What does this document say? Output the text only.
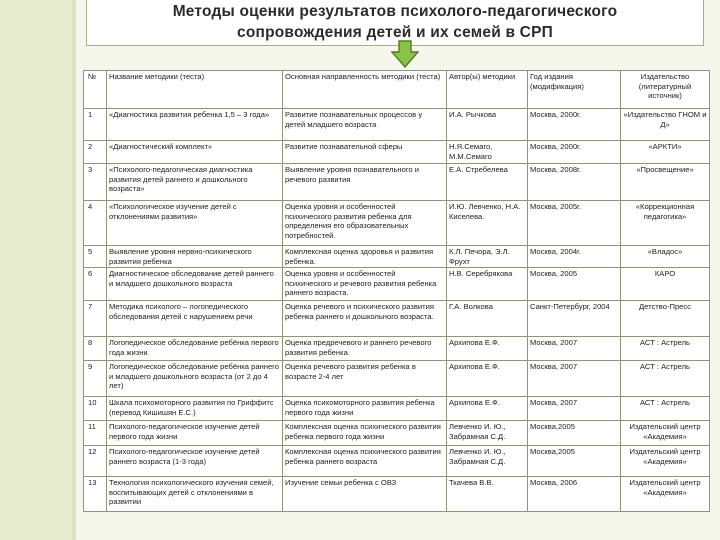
Методы оценки результатов психолого-педагогического
сопровождения детей и их семей в СРП
№	Название методики (теста)	Основная направленность методики (теста)	Автор(ы) методики	Год издания (модификация)	Издательство (литературный источник)
1	«Диагностика развития ребенка 1,5 – 3 года»	Развитие познавательных процессов у детей младшего возраста	И.А. Рычкова	Москва, 2000г.	«Издательство ГНОМ и Д»
2	«Диагностический комплект»	Развитие познавательной сферы	Н.Я.Семаго, М.М.Семаго	Москва, 2000г.	«АРКТИ»
3	«Психолого-педагогическая диагностика развития детей раннего и дошкольного возраста»	Выявление уровня познавательного и речевого развития	Е.А. Стребелева	Москва, 2008г.	«Просвещение»
4	«Психологическое изучение детей с отклонениями развития»	Оценка уровня и особенностей психического развития ребенка для определения его образовательных потребностей.	И.Ю. Левченко, Н.А. Киселева.	Москва, 2005г.	«Коррекционная педагогика»
5	Выявление уровня нервно-психического развития ребенка	Комплексная оценка здоровья и развития ребенка.	К.Л. Печора, Э.Л. Фрухт	Москва, 2004г.	«Владос»
6	Диагностическое обследование детей раннего и младшего дошкольного возраста	Оценка уровня и особенностей психического и речевого развития ребенка раннего возраста.	Н.В. Серебрякова	Москва, 2005	КАРО
7	Методика психолого – логопедического обследования детей с нарушением речи	Оценка речевого и психического развития ребенка раннего и дошкольного возраста.	Г.А. Волкова	Санкт-Петербург, 2004	Детство-Пресс
8	Логопедическое обследование ребёнка первого года жизни	Оценка предречевого и раннего речевого развития ребенка.	Архипова Е.Ф.	Москва, 2007	АСТ : Астрель
9	Логопедическое обследование ребёнка раннего и младшего дошкольного возраста (от 2 до 4 лет)	Оценка речевого развития ребенка в возрасте 2-4 лет	Архипова Е.Ф.	Москва, 2007	АСТ : Астрель
10	Шкала психомоторного развития по Гриффитс (перевод Кишишян Е.С.)	Оценка психомоторного развития ребенка первого года жизни	Архипова Е.Ф.	Москва, 2007	АСТ : Астрель
11	Психолого-педагогическое изучение детей первого года жизни	Комплексная оценка психического развития ребенка первого года жизни	Левченко И. Ю., Забрамная С.Д.	Москва,2005	Издательский центр «Академия»
12	Психолого-педагогическое изучение детей раннего возраста (1-3 года)	Комплексная оценка психического развития ребенка раннего возраста	Левченко И. Ю., Забрамная С.Д.	Москва,2005	Издательский центр «Академия»
13	Технология психологического изучения семей, воспитывающих детей с отклонениями в развитии	Изучение семьи ребенка с ОВЗ	Ткачева В.В.	Москва, 2006	Издательский центр «Академия»
